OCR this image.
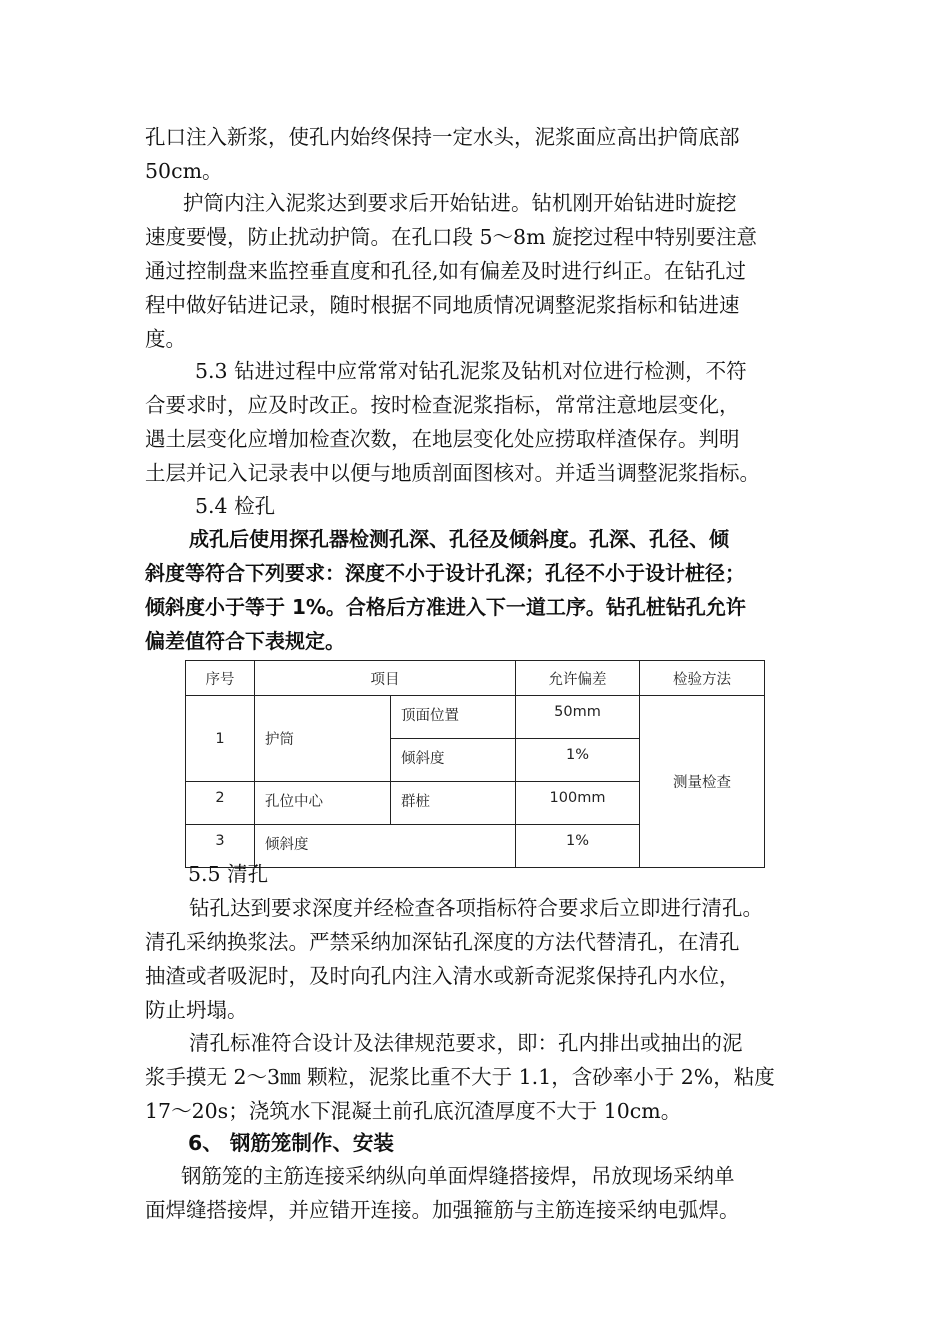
孔口注入新浆，使孔内始终保持一定水头，泥浆面应高出护筒底部
50cm。

护筒内注入泥浆达到要求后开始钻进。钻机刚开始钻进时旋挖
速度要慢，防止扰动护筒。在孔口段 5～8m 旋挖过程中特别要注意
通过控制盘来监控垂直度和孔径,如有偏差及时进行纠正。在钻孔过
程中做好钻进记录，随时根据不同地质情况调整泥浆指标和钻进速
度。

5.3 钻进过程中应常常对钻孔泥浆及钻机对位进行检测，不符
合要求时，应及时改正。按时检查泥浆指标，常常注意地层变化，
遇土层变化应增加检查次数，在地层变化处应捞取样渣保存。判明
土层并记入记录表中以便与地质剖面图核对。并适当调整泥浆指标。

5.4 检孔

成孔后使用探孔器检测孔深、孔径及倾斜度。孔深、孔径、倾
斜度等符合下列要求：深度不小于设计孔深；孔径不小于设计桩径；
倾斜度小于等于 1%。合格后方准进入下一道工序。钻孔桩钻孔允许
偏差值符合下表规定。

序号	项目		允许偏差	检验方法
1	护筒	顶面位置	50mm	测量检查
		倾斜度	1%	
2	孔位中心	群桩	100mm	
3	倾斜度		1%	

5.5 清孔

钻孔达到要求深度并经检查各项指标符合要求后立即进行清孔。
清孔采纳换浆法。严禁采纳加深钻孔深度的方法代替清孔，在清孔
抽渣或者吸泥时，及时向孔内注入清水或新奇泥浆保持孔内水位，
防止坍塌。

清孔标准符合设计及法律规范要求，即：孔内排出或抽出的泥
浆手摸无 2～3㎜ 颗粒，泥浆比重不大于 1.1，含砂率小于 2%，粘度
17～20s；浇筑水下混凝土前孔底沉渣厚度不大于 10cm。

6、 钢筋笼制作、安装

钢筋笼的主筋连接采纳纵向单面焊缝搭接焊，吊放现场采纳单
面焊缝搭接焊，并应错开连接。加强箍筋与主筋连接采纳电弧焊。
